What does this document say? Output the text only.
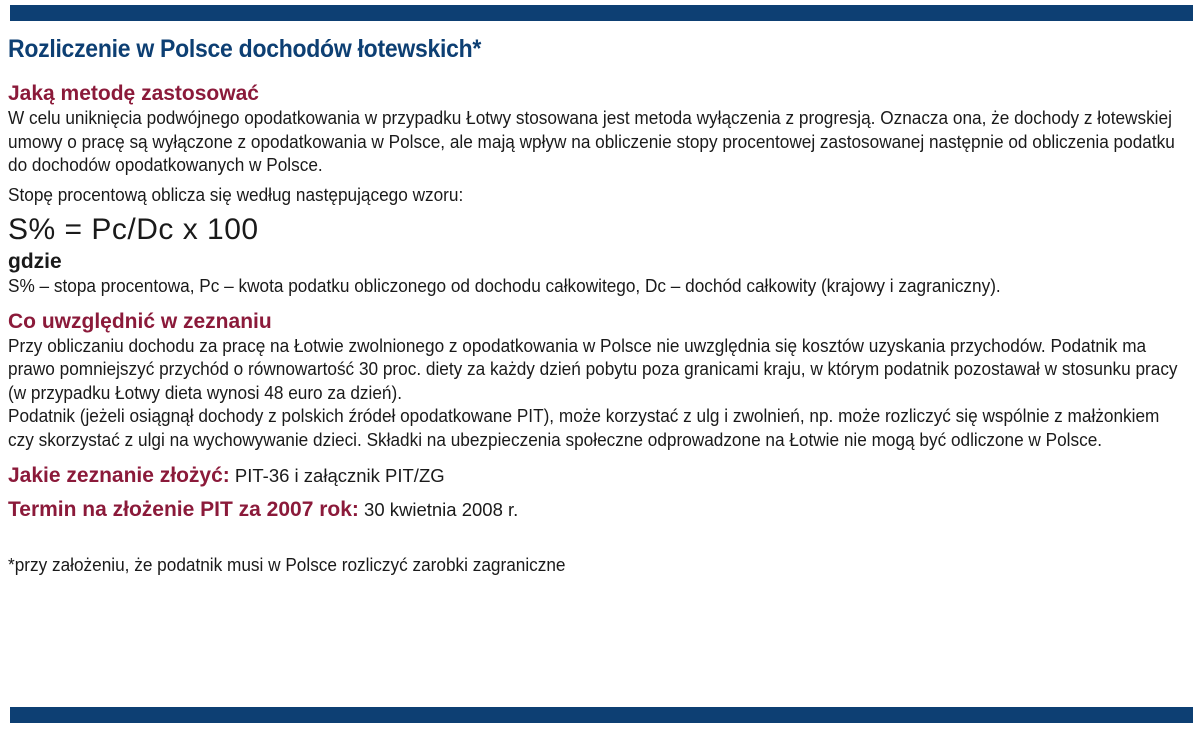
Rozliczenie w Polsce dochodów łotewskich*
Jaką metodę zastosować

W celu uniknięcia podwójnego opodatkowania w przypadku Łotwy stosowana jest metoda wyłączenia z progresją. Oznacza ona, że dochody z łotewskiej umowy o pracę są wyłączone z opodatkowania w Polsce, ale mają wpływ na obliczenie stopy procentowej zastosowanej następnie od obliczenia podatku do dochodów opodatkowanych w Polsce.

Stopę procentową oblicza się według następującego wzoru:

S% = Pc/Dc x 100
gdzie

S% – stopa procentowa, Pc – kwota podatku obliczonego od dochodu całkowitego, Dc – dochód całkowity (krajowy i zagraniczny).

Co uwzględnić w zeznaniu

Przy obliczaniu dochodu za pracę na Łotwie zwolnionego z opodatkowania w Polsce nie uwzględnia się kosztów uzyskania przychodów. Podatnik ma prawo pomniejszyć przychód o równowartość 30 proc. diety za każdy dzień pobytu poza granicami kraju, w którym podatnik pozostawał w stosunku pracy (w przypadku Łotwy dieta wynosi 48 euro za dzień).

Podatnik (jeżeli osiągnął dochody z polskich źródeł opodatkowane PIT), może korzystać z ulg i zwolnień, np. może rozliczyć się wspólnie z małżonkiem czy skorzystać z ulgi na wychowywanie dzieci. Składki na ubezpieczenia społeczne odprowadzone na Łotwie nie mogą być odliczone w Polsce.

Jakie zeznanie złożyć: PIT-36 i załącznik PIT/ZG
Termin na złożenie PIT za 2007 rok: 30 kwietnia 2008 r.
*przy założeniu, że podatnik musi w Polsce rozliczyć zarobki zagraniczne
